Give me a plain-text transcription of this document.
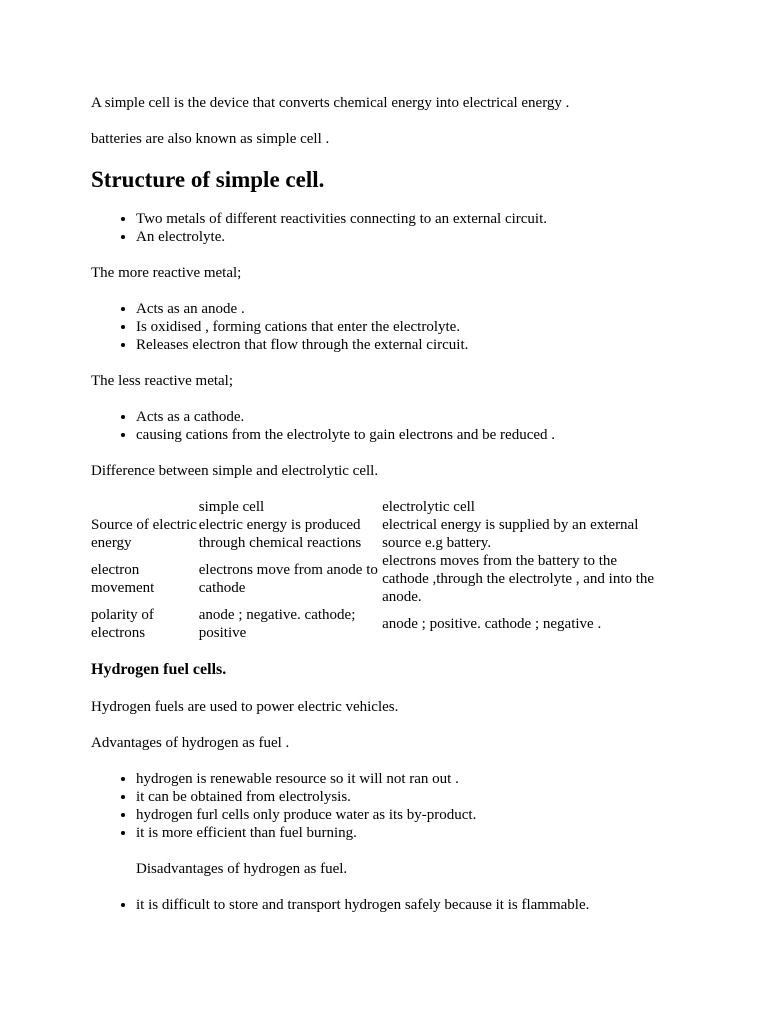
A simple cell is the device that converts chemical energy into electrical energy .

batteries are also known as simple cell .

Structure of simple cell.
• Two metals of different reactivities connecting to an external circuit.
• An electrolyte.

The more reactive metal;

• Acts as an anode .
• Is oxidised , forming cations that enter the electrolyte.
• Releases electron that flow through the external circuit.

The less reactive metal;

• Acts as a cathode.
• causing cations from the electrolyte to gain electrons and be reduced .

Difference between simple and electrolytic cell.

	simple cell	electrolytic cell
Source of electric energy	electric energy is produced through chemical reactions	electrical energy is supplied by an external source e.g battery.
electron movement	electrons move from anode to cathode	electrons moves from the battery to the cathode ,through the electrolyte , and into the anode.
polarity of electrons	anode ; negative. cathode; positive	anode ; positive. cathode ; negative .
Hydrogen fuel cells.

Hydrogen fuels are used to power electric vehicles.

Advantages of hydrogen as fuel .

• hydrogen is renewable resource so it will not ran out .
• it can be obtained from electrolysis.
• hydrogen furl cells only produce water as its by-product.
• it is more efficient than fuel burning.

Disadvantages of hydrogen as fuel.

• it is difficult to store and transport hydrogen safely because it is flammable.
